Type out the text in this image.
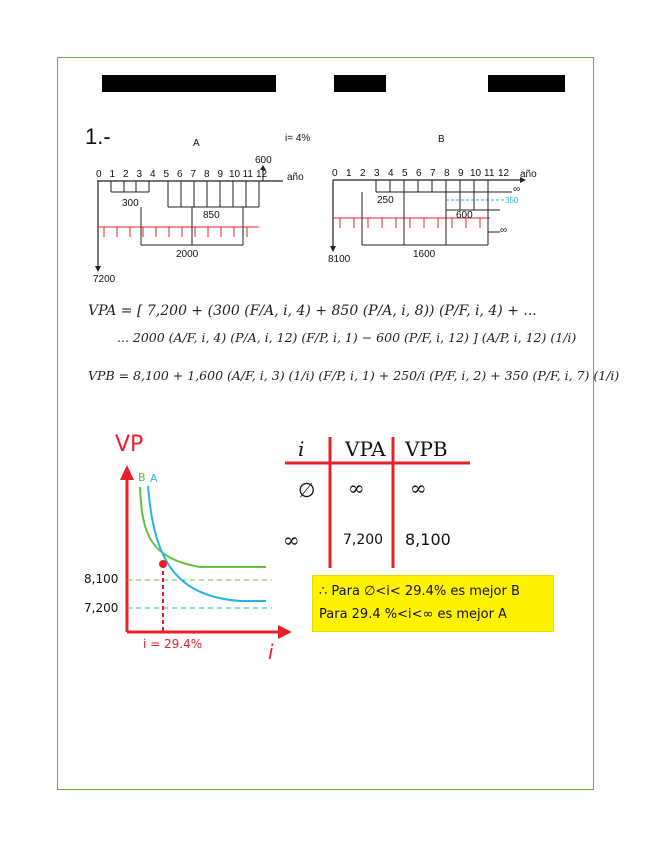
1.-	A	i= 4%	B
0 1 2 3 4 5 6 7 8 9 10 11 12 año
300
850
600
2000
7200
0 1 2 3 4 5 6 7 8 9 10 11 12 año
250
600
350
1600
8100
∞
∞
VPA = [ 7,200 + (300 (F/A, i, 4) + 850 (P/A, i, 8)) (P/F, i, 4) + ...
... 2000 (A/F, i, 4) (P/A, i, 12) (F/P, i, 1) − 600 (P/F, i, 12) ] (A/P, i, 12) (1/i)
VPB = 8,100 + 1,600 (A/F, i, 3) (1/i) (F/P, i, 1) + 250/i (P/F, i, 2) + 350 (P/F, i, 7) (1/i)
VP
i
B A
8,100
7,200
i = 29.4%
i VPA VPB
∅ ∞ ∞
∞	7,200 8,100
∴ Para ∅<i< 29.4% es mejor B
Para 29.4 %<i<∞ es mejor A
